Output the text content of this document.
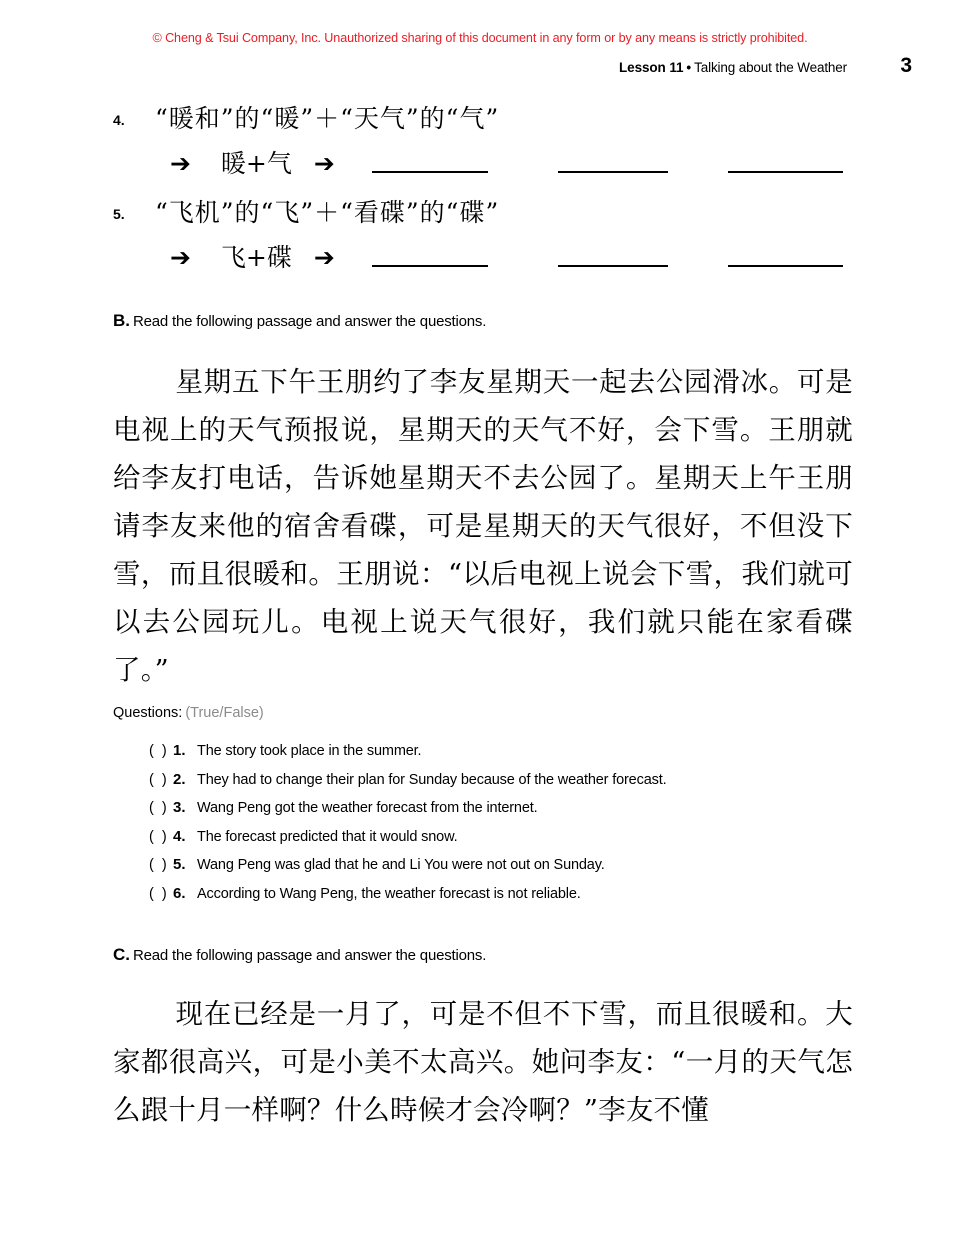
© Cheng & Tsui Company, Inc. Unauthorized sharing of this document in any form or by any means is strictly prohibited.
Lesson 11 • Talking about the Weather	3
4. “暖和”的“暖”＋“天气”的“气”
➔ 暖+气 ➔
5. “飞机”的“飞”＋“看碟”的“碟”
➔ 飞+碟 ➔
B. Read the following passage and answer the questions.
星期五下午王朋约了李友星期天一起去公园滑冰。可是电视上的天气预报说，星期天的天气不好，会下雪。王朋就给李友打电话，告诉她星期天不去公园了。星期天上午王朋请李友来他的宿舍看碟，可是星期天的天气很好，不但没下雪，而且很暖和。王朋说：“以后电视上说会下雪，我们就可以去公园玩儿。电视上说天气很好，我们就只能在家看碟了。”
Questions: (True/False)
( ) 1. The story took place in the summer.
( ) 2. They had to change their plan for Sunday because of the weather forecast.
( ) 3. Wang Peng got the weather forecast from the internet.
( ) 4. The forecast predicted that it would snow.
( ) 5. Wang Peng was glad that he and Li You were not out on Sunday.
( ) 6. According to Wang Peng, the weather forecast is not reliable.
C. Read the following passage and answer the questions.
现在已经是一月了，可是不但不下雪，而且很暖和。大家都很高兴，可是小美不太高兴。她问李友：“一月的天气怎么跟十月一样啊？什么時候才会冷啊？”李友不懂
